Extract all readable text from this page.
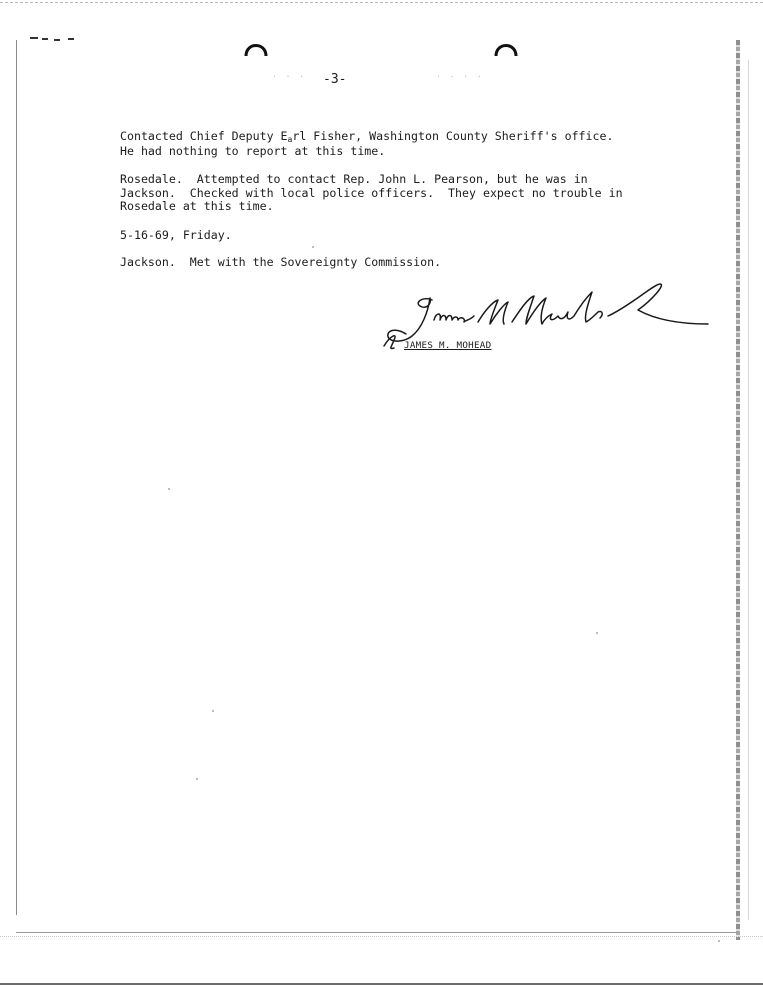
· · · -3-	· · · ·
Contacted Chief Deputy Earl Fisher, Washington County Sheriff's office.
He had nothing to report at this time.
Rosedale.  Attempted to contact Rep. John L. Pearson, but he was in
Jackson.  Checked with local police officers.  They expect no trouble in
Rosedale at this time.
5-16-69, Friday.
Jackson.  Met with the Sovereignty Commission.
JAMES M. MOHEAD
